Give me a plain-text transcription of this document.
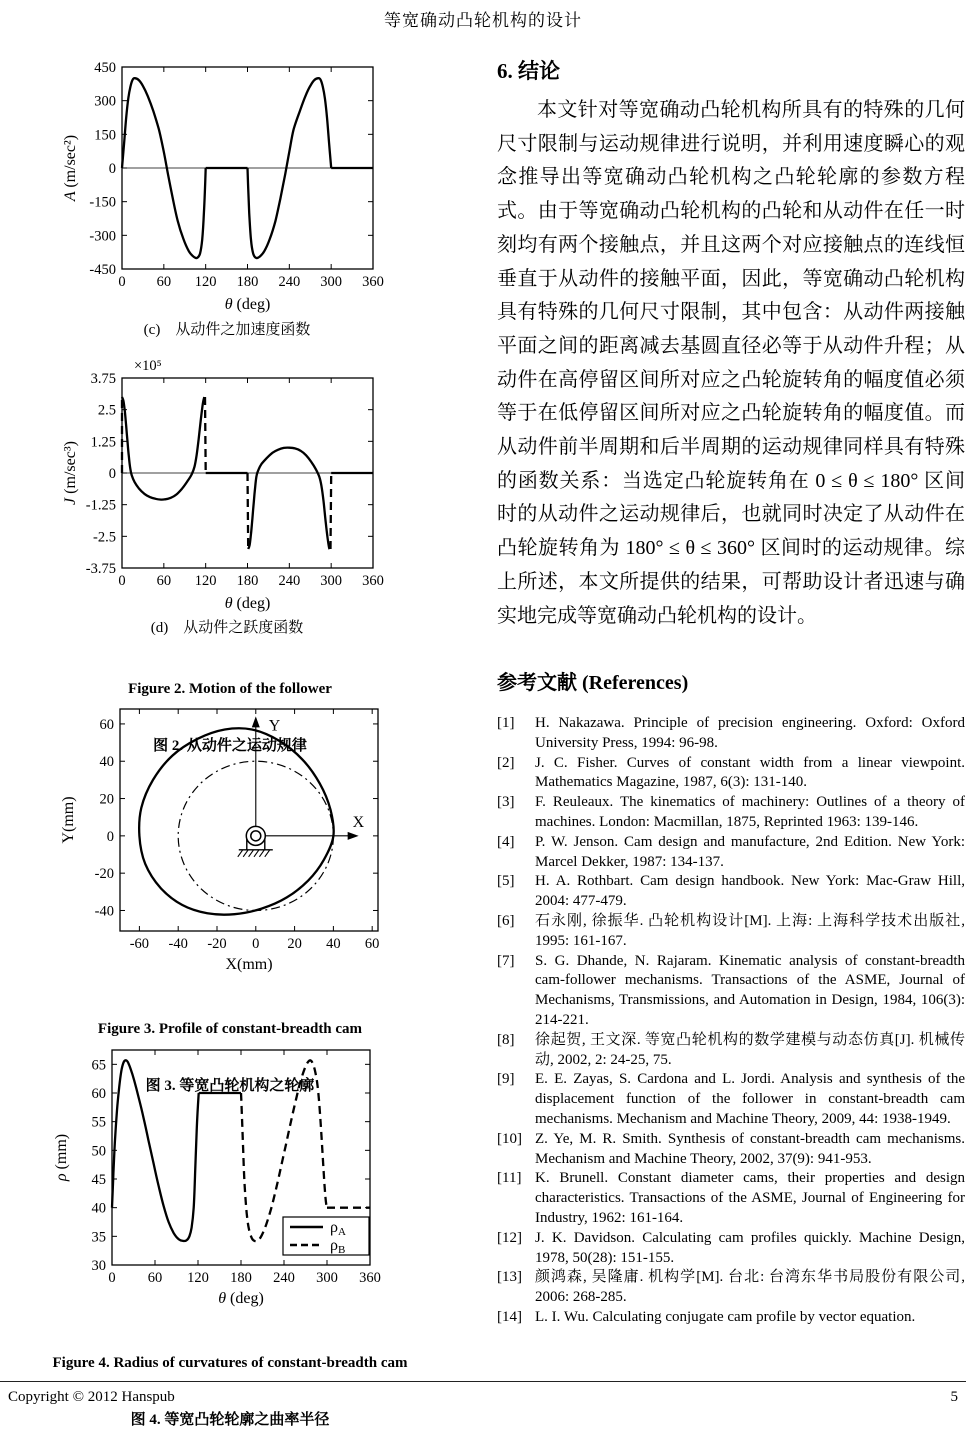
等宽确动凸轮机构的设计
0 60 120 180 240 300 360
450
300
150
0
-150
-300
-450
θ (deg)
A (m/sec²)
(c)　从动件之加速度函数
0 60 120 180 240 300 360
3.75
2.5
1.25
0
-1.25
-2.5
-3.75
θ (deg)
J (m/sec³)
×10⁵
(d)　从动件之跃度函数

Figure 2. Motion of the follower

图 2. 从动件之运动规律

-60 -40 -20 0 20 40 60
60
40
20
0
-20
-40
X(mm)
Y(mm)
Y
X

Figure 3. Profile of constant-breadth cam

图 3. 等宽凸轮机构之轮廓

0 60 120 180 240 300 360
65
60
55
50
45
40
35
30
θ (deg)
ρ (mm)
ρA
ρB

Figure 4. Radius of curvatures of constant-breadth cam

图 4. 等宽凸轮轮廓之曲率半径

6. 结论
本文针对等宽确动凸轮机构所具有的特殊的几何尺寸限制与运动规律进行说明，并利用速度瞬心的观念推导出等宽确动凸轮机构之凸轮轮廓的参数方程式。由于等宽确动凸轮机构的凸轮和从动件在任一时刻均有两个接触点，并且这两个对应接触点的连线恒垂直于从动件的接触平面，因此，等宽确动凸轮机构具有特殊的几何尺寸限制，其中包含：从动件两接触平面之间的距离减去基圆直径必等于从动件升程；从动件在高停留区间所对应之凸轮旋转角的幅度值必须等于在低停留区间所对应之凸轮旋转角的幅度值。而从动件前半周期和后半周期的运动规律同样具有特殊的函数关系：当选定凸轮旋转角在 0 ≤ θ ≤ 180° 区间时的从动件之运动规律后，也就同时决定了从动件在凸轮旋转角为 180° ≤ θ ≤ 360° 区间时的运动规律。综上所述，本文所提供的结果，可帮助设计者迅速与确实地完成等宽确动凸轮机构的设计。
参考文献 (References)
[1]	H. Nakazawa. Principle of precision engineering. Oxford: Oxford University Press, 1994: 96-98.
[2]	J. C. Fisher. Curves of constant width from a linear viewpoint. Mathematics Magazine, 1987, 6(3): 131-140.
[3]	F. Reuleaux. The kinematics of machinery: Outlines of a theory of machines. London: Macmillan, 1875, Reprinted 1963: 139-146.
[4]	P. W. Jenson. Cam design and manufacture, 2nd Edition. New York: Marcel Dekker, 1987: 134-137.
[5]	H. A. Rothbart. Cam design handbook. New York: Mac-Graw Hill, 2004: 477-479.
[6]	石永刚, 徐振华. 凸轮机构设计[M]. 上海: 上海科学技术出版社, 1995: 161-167.
[7]	S. G. Dhande, N. Rajaram. Kinematic analysis of constant-breadth cam-follower mechanisms. Transactions of the ASME, Journal of Mechanisms, Transmissions, and Automation in Design, 1984, 106(3): 214-221.
[8]	徐起贺, 王文深. 等宽凸轮机构的数学建模与动态仿真[J]. 机械传动, 2002, 2: 24-25, 75.
[9]	E. E. Zayas, S. Cardona and L. Jordi. Analysis and synthesis of the displacement function of the follower in constant-breadth cam mechanisms. Mechanism and Machine Theory, 2009, 44: 1938-1949.
[10] Z. Ye, M. R. Smith. Synthesis of constant-breadth cam mechanisms. Mechanism and Machine Theory, 2002, 37(9): 941-953.
[11] K. Brunell. Constant diameter cams, their properties and design characteristics. Transactions of the ASME, Journal of Engineering for Industry, 1962: 161-164.
[12] J. K. Davidson. Calculating cam profiles quickly. Machine Design, 1978, 50(28): 151-155.
[13] 颜鸿森, 吴隆庸. 机构学[M]. 台北: 台湾东华书局股份有限公司, 2006: 268-285.
[14] L. I. Wu. Calculating conjugate cam profile by vector equation.
Copyright © 2012 Hanspub	5
